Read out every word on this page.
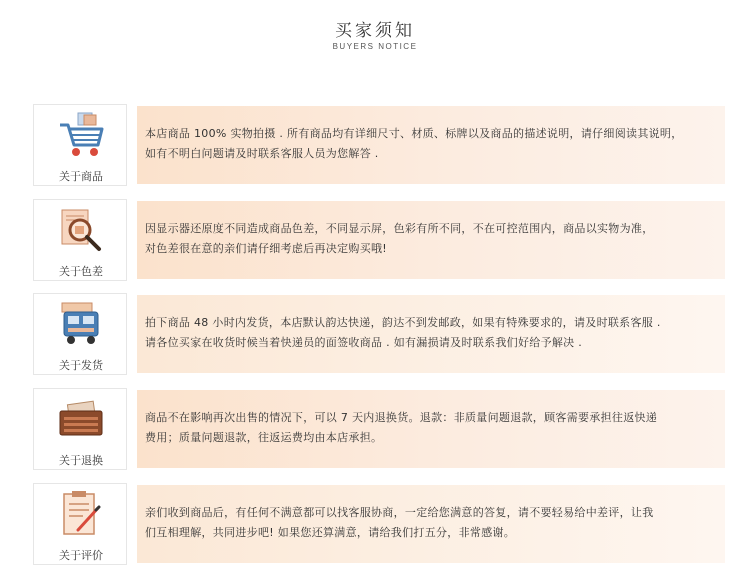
买家须知
BUYERS NOTICE
关于商品
本店商品 100% 实物拍摄 . 所有商品均有详细尺寸、材质、标牌以及商品的描述说明，请仔细阅读其说明，
如有不明白问题请及时联系客服人员为您解答 .
关于色差
因显示器还原度不同造成商品色差，不同显示屏，色彩有所不同，不在可控范围内，商品以实物为准，
对色差很在意的亲们请仔细考虑后再决定购买哦!
关于发货
拍下商品 48 小时内发货，本店默认韵达快递，韵达不到发邮政，如果有特殊要求的，请及时联系客服 .
请各位买家在收货时候当着快递员的面签收商品 . 如有漏损请及时联系我们好给予解决 .
关于退换
商品不在影响再次出售的情况下，可以 7 天内退换货。退款：非质量问题退款，顾客需要承担往返快递
费用；质量问题退款，往返运费均由本店承担。
关于评价
亲们收到商品后，有任何不满意都可以找客服协商，一定给您满意的答复，请不要轻易给中差评，让我
们互相理解，共同进步吧! 如果您还算满意，请给我们打五分，非常感谢。
